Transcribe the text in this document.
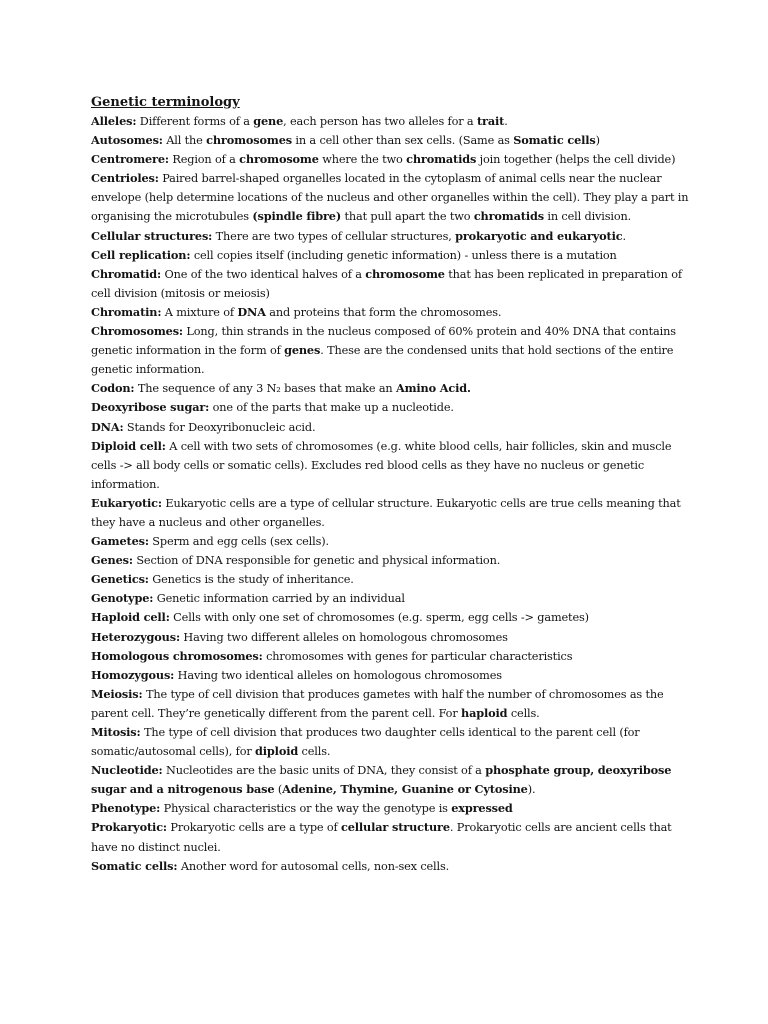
Genetic terminology

Alleles: Different forms of a gene, each person has two alleles for a trait.

Autosomes: All the chromosomes in a cell other than sex cells. (Same as Somatic cells)

Centromere: Region of a chromosome where the two chromatids join together (helps the cell divide)

Centrioles: Paired barrel-shaped organelles located in the cytoplasm of animal cells near the nuclear envelope (help determine locations of the nucleus and other organelles within the cell). They play a part in organising the microtubules (spindle fibre) that pull apart the two chromatids in cell division.

Cellular structures: There are two types of cellular structures, prokaryotic and eukaryotic.

Cell replication: cell copies itself (including genetic information) - unless there is a mutation

Chromatid: One of the two identical halves of a chromosome that has been replicated in preparation of cell division (mitosis or meiosis)

Chromatin: A mixture of DNA and proteins that form the chromosomes.

Chromosomes: Long, thin strands in the nucleus composed of 60% protein and 40% DNA that contains genetic information in the form of genes. These are the condensed units that hold sections of the entire genetic information.

Codon: The sequence of any 3 N₂ bases that make an Amino Acid.

Deoxyribose sugar: one of the parts that make up a nucleotide.

DNA: Stands for Deoxyribonucleic acid.

Diploid cell: A cell with two sets of chromosomes (e.g. white blood cells, hair follicles, skin and muscle cells -> all body cells or somatic cells). Excludes red blood cells as they have no nucleus or genetic information.

Eukaryotic: Eukaryotic cells are a type of cellular structure. Eukaryotic cells are true cells meaning that they have a nucleus and other organelles.

Gametes: Sperm and egg cells (sex cells).

Genes: Section of DNA responsible for genetic and physical information.

Genetics: Genetics is the study of inheritance.

Genotype: Genetic information carried by an individual

Haploid cell: Cells with only one set of chromosomes (e.g. sperm, egg cells -> gametes)

Heterozygous: Having two different alleles on homologous chromosomes

Homologous chromosomes: chromosomes with genes for particular characteristics

Homozygous: Having two identical alleles on homologous chromosomes

Meiosis: The type of cell division that produces gametes with half the number of chromosomes as the parent cell. They’re genetically different from the parent cell. For haploid cells.

Mitosis: The type of cell division that produces two daughter cells identical to the parent cell (for somatic/autosomal cells), for diploid cells.

Nucleotide: Nucleotides are the basic units of DNA, they consist of a phosphate group, deoxyribose sugar and a nitrogenous base (Adenine, Thymine, Guanine or Cytosine).

Phenotype: Physical characteristics or the way the genotype is expressed

Prokaryotic: Prokaryotic cells are a type of cellular structure. Prokaryotic cells are ancient cells that have no distinct nuclei.

Somatic cells: Another word for autosomal cells, non-sex cells.
